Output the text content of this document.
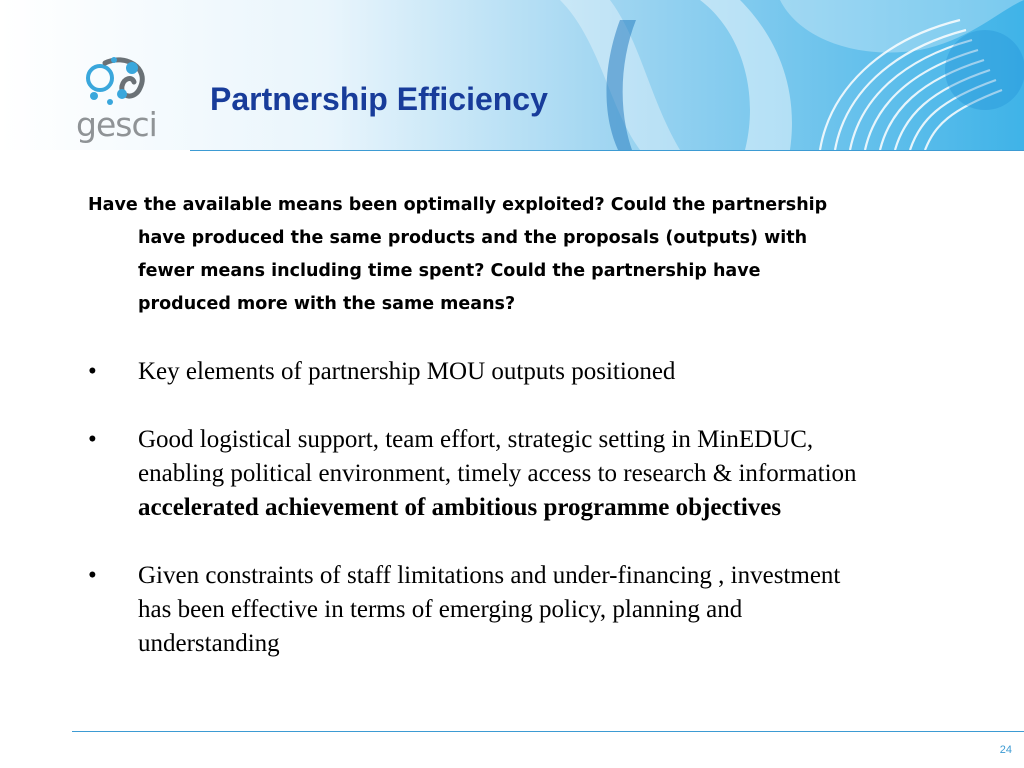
gesci
Partnership Efficiency
Have the available means been optimally exploited? Could the partnership
have produced the same products and the proposals (outputs) with
fewer means including time spent? Could the partnership have
produced more with the same means?
•	Key elements of partnership MOU outputs positioned
•	Good logistical support, team effort, strategic setting in MinEDUC,
enabling political environment, timely access to research & information
accelerated achievement of ambitious programme objectives
•	Given constraints of staff limitations and under-financing , investment
has been effective in terms of emerging policy, planning and
understanding
24
